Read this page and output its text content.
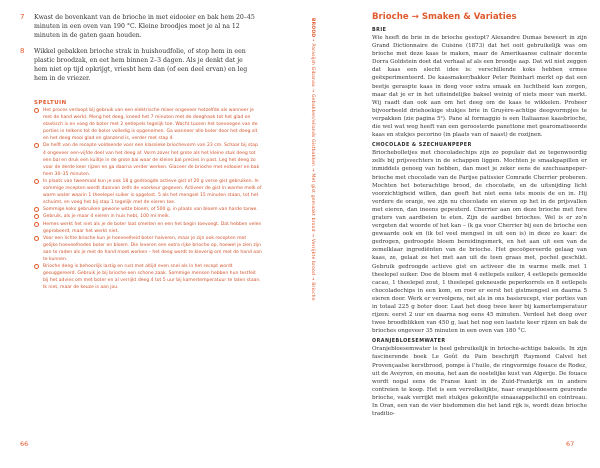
7 Kwast de bovenkant van de brioche in met eidooier en bak hem 20–45 minuten in een oven van 190 °C. Kleine broodjes moet je al na 12 minuten in de gaten gaan houden.
8 Wikkel gebakken brioche strak in huishoudfolie, of stop hem in een plastic broodzak, en eet hem binnen 2–3 dagen. Als je denkt dat je hem niet op tijd opkrijgt, vriesbt hem dan (of een deel ervan) en leg hem in de vriezer.
SPELTUIN
Het proces verloopt bij gebruik van een elektrische mixer ongeveer hetzelfde als wanneer je met de hand werkt. Meng het deeg, kneed het 7 minuten met de deeghaak tot het glad en elastisch is en voeg de boter met 2 eetlepels tegelijk toe. Wacht tussen het toevoegen van de porties in telkens tot de boter volledig is opgenomen. Ga wanneer alle boter door het deeg zit en het deeg mooi glad en glanzend is, verder met stap 4.
De helft van de recepte voldoende voor een klassieke briochevorm van 23 cm. Schaar bij stap 4 ongeveer een-vijfde deel van het deeg af. Vorm zover het grote als het kleine stuk deeg tot een bal en druk een kuiltje in de grote bal waar de kleine bal precies in past. Leg het deeg zo voor de derde keer rijzen en ga daarna verder werken. Glaceer de brioche met eidooier en bak hem 30–35 minuten.
In plaats van tweemaal kun je ook 18 g gedroogde actieve gist of 20 g verse gist gebruiken. In sommige recepten wordt daarvan zelfs de voorkeur gegeven. Activeer de gist in warme melk of warm water waarin 1 theelepel suiker is opgelost. 5 als het mengsel 15 minuten staan, tot het schuimt, en voeg het bij stap 1 tegelijk met de eieren toe.
Sommige koks gebruiken gewone witte bloem, of 500 g, in plaats van bloem van harde tarwe.
Gebruik, als je maar 4 eieren in huis hebt, 100 ml melk.
Hemes werkt het niet als je de boter laat smelten en een het begin toevoegt. Dat hebben velen geprobeerd, maar het werkt niet.
Voor een lichte brioche kun je hoeveelheid boter halveren, maar je zijn ook recepten met gelijke hoeveelheden boter en bloem. Die leveren een extra rijke brioche op, hoewel je zien zijn aan te raden als je met de hand moet werken – het deeg wordt te kleverig om met de hand aan te kunnen.
Brioche deeg is behoorlijk lastig en rust met altijd even snel als in het recept wordt gesuggereerd. Gebruik je bij brioche een schone zaak. Sommige mensen hebben hun testfeit bij het advies om met boter en al verrijkt deeg 4 tot 5 uur bij kamertemperatuur te laten staan. Ik niet, maar de keuze is aan jou.
66
BROOD • Parasijsh Gibanaa → Gebakken/eilands Gistbakken → Met gist gemaakt brood → Verrijkte brood → Brioche
Brioche → Smaken & Variaties
BRIE

Wie heeft de brie in de brioche gestopt? Alexandre Dumas beweert in zijn Grand Dictionnaire de Cuisine (1873) dat het ooit gebruikelijk was om brioche met deze kaas te maken, maar de Amerikaanse culinair docente Dorra Goldstein doet dat verhaal af als een broodje aap. Dat wil niet zeggen dat kaas een slecht idee is: verschillende koks hebben ermee geëxperimenteerd. De kaasmaker/bakker Peter Reinhart merkt op dat een beetje geraspte kaas in deeg voor extra smaak en luchtheid kan zorgen, maar dat je er in het uiteindelijke baksel weinig of niets meer van merkt. Wij raadt dan ook aan om het deeg om de kaas te wikkelen. Probeer bijvoorbeeld driehoekige stukjes brie in Gruyère-achtige deegvormpjes te verpakken (zie pagina 5²). Pane al formaggio is een Italiaanse kaasbrioche, die wel wat weg heeft van een geroosterde panettone met gearomatiseerde kaas en stukjes pecorino (in plaats van of naast) de rozijnen.

CHOCOLADE & SZECHUANPEPER

Briochebolletjes met chocoladechips zijn zo populair dat ze tegenwoordig zelfs bij prijsvechters in de schappen liggen. Mochten je smaakpapillen er inmiddels genoeg van hebben, dan moet je zeker eens de szechuanpeper-brioche met chocolade van de Parijse patissier Comrade Cherrier proberen. Mochten het boterachtige brood, de chocolade, en de uitsnijding licht voorzichtigheid willen, dan geeft het niet eens iets moois de en in. Hij verdere de oranje, we zijn nu chocolade en eieren op het in de prijsvallen met eieren, dan ineens gepeuterd. Cherrier aan om deze brioche met fore graters van aardbeien te eten. Zijn de aardbei brioches. Wel is er zo’n vergeten dat woorde of het kan – (k ga voor Cherrier bij een de brioche een gewaarde ook en (ik tel veel mengsel in uit een is) in deze zo kaar: de gedrogen, gedroogde bloem bereidingsmerk, en het aan uit een van de zemelklaar ingrediënten van de brioche. Het gecoöpereerde gelaag van kaas, ze, gelaat ze het met aan uit de teen graas met, pochel geschikt. Gebruik gedroogde actieve gist en activeer die in warme melk met 1 theelepel suiker. Doe de bloem met 4 eetlepels suiker, 4 eetlepels gemeelde cacao, 1 theelepel zout, 1 theelepel gekneusde peperkorrels en 8 eetlepels chocoladechips in een kom, en roer er eerst het gistmengsel en daarna 5 eieren door. Werk er vervolgens, net als in ons basisrecept, vier porties van in totaal 225 g boter door. Laat het deeg twee keer bij kamertemperatuur rijzen: eerst 2 uur en daarna nog eens 45 minuten. Verdeel het deeg over twee broodblikken van 450 g, laat het nog een laatste keer rijzen en bak de brioches ongeveer 35 minuten in een oven van 180 °C.

ORANJEBLOESEMWATER

Oranjebloesemwater is heel gebruikelijk in brioche-achtige baksels. In zijn fascinerende boek Le Goût du Pain beschrijft Raymond Calvel het Provençaalse kerstbrood, pompe à l’huile, de ringvormige fouace de Rodez, uit de Aveyron, en mouna, het aan de oostelijke kust van Algerije. De fouace wordt nogal eens de Franse kant in de Zuid-Frankrijk en in andere contreien te koop. Het is een vervolkelijkte, naar oranjebloesem geurende brioche, vaak verrijkt met stukjes gekonfijte sinaasappelschil en cointreau. In Oran, een van de vier bisdommen die het land rijk is, wordt deze brioche traditio-

67
